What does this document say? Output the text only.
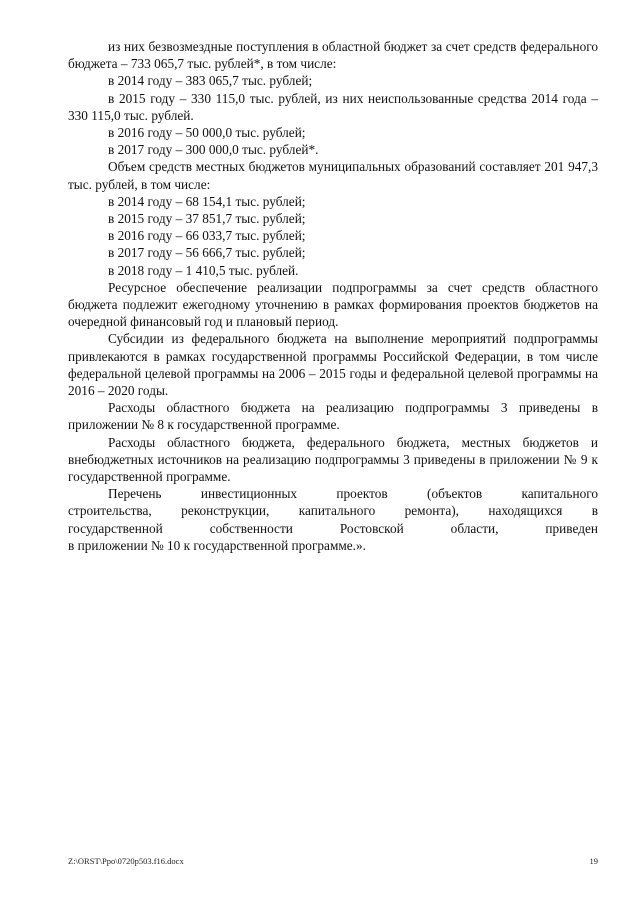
из них безвозмездные поступления в областной бюджет за счет средств федерального бюджета – 733 065,7 тыс. рублей*, в том числе:

в 2014 году – 383 065,7 тыс. рублей;

в 2015 году – 330 115,0 тыс. рублей, из них неиспользованные средства 2014 года – 330 115,0 тыс. рублей.

в 2016 году – 50 000,0 тыс. рублей;

в 2017 году – 300 000,0 тыс. рублей*.

Объем средств местных бюджетов муниципальных образований составляет 201 947,3 тыс. рублей, в том числе:

в 2014 году – 68 154,1 тыс. рублей;

в 2015 году – 37 851,7 тыс. рублей;

в 2016 году – 66 033,7 тыс. рублей;

в 2017 году – 56 666,7 тыс. рублей;

в 2018 году – 1 410,5 тыс. рублей.

Ресурсное обеспечение реализации подпрограммы за счет средств областного бюджета подлежит ежегодному уточнению в рамках формирования проектов бюджетов на очередной финансовый год и плановый период.

Субсидии из федерального бюджета на выполнение мероприятий подпрограммы привлекаются в рамках государственной программы Российской Федерации, в том числе федеральной целевой программы на 2006 – 2015 годы и федеральной целевой программы на 2016 – 2020 годы.

Расходы областного бюджета на реализацию подпрограммы 3 приведены в приложении № 8 к государственной программе.

Расходы областного бюджета, федерального бюджета, местных бюджетов и внебюджетных источников на реализацию подпрограммы 3 приведены в приложении № 9 к государственной программе.

Перечень инвестиционных проектов (объектов капитального
строительства, реконструкции, капитального ремонта), находящихся в
государственной собственности Ростовской области, приведен
в приложении № 10 к государственной программе.».
Z:\ORST\Ppo\0720p503.f16.docx	19
